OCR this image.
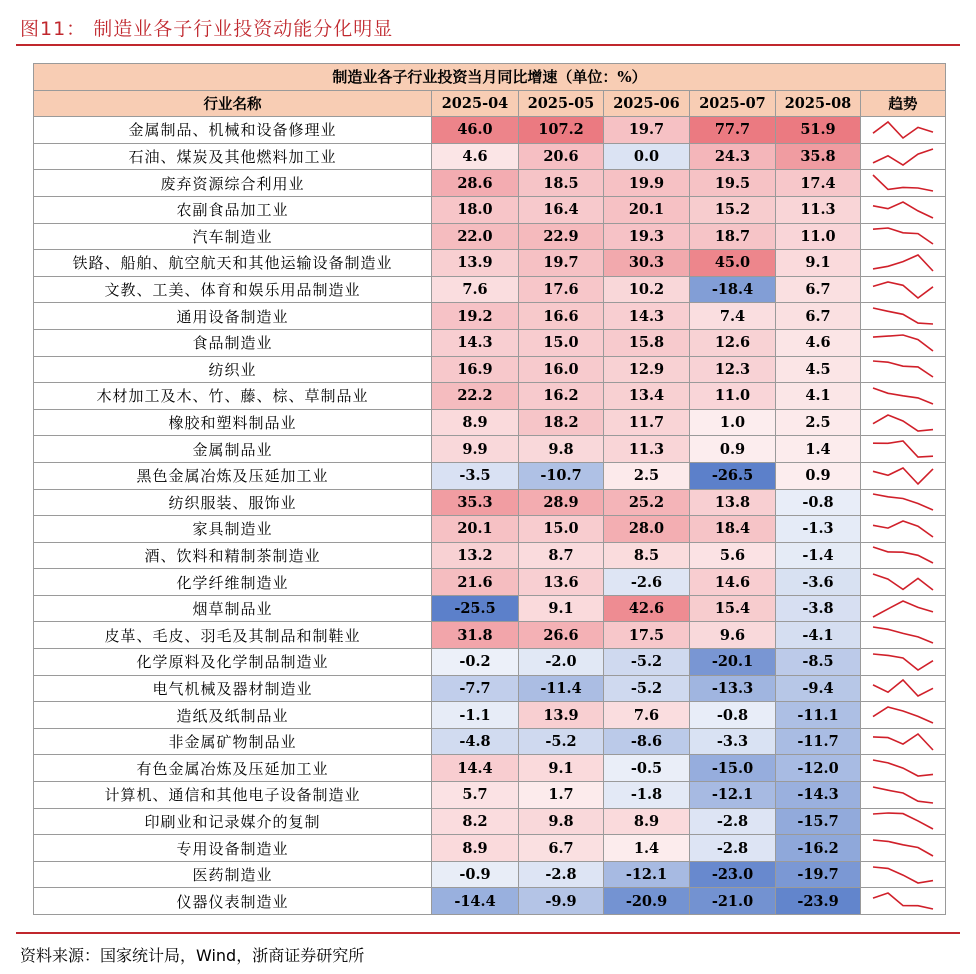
图11： 制造业各子行业投资动能分化明显
制造业各子行业投资当月同比增速（单位：%）						
行业名称	2025-04	2025-05	2025-06	2025-07	2025-08	趋势
金属制品、机械和设备修理业	46.0	107.2	19.7	77.7	51.9	

石油、煤炭及其他燃料加工业	4.6	20.6	0.0	24.3	35.8	

废弃资源综合利用业	28.6	18.5	19.9	19.5	17.4	

农副食品加工业	18.0	16.4	20.1	15.2	11.3	

汽车制造业	22.0	22.9	19.3	18.7	11.0	

铁路、船舶、航空航天和其他运输设备制造业	13.9	19.7	30.3	45.0	9.1	

文教、工美、体育和娱乐用品制造业	7.6	17.6	10.2	-18.4	6.7	

通用设备制造业	19.2	16.6	14.3	7.4	6.7	

食品制造业	14.3	15.0	15.8	12.6	4.6	

纺织业	16.9	16.0	12.9	12.3	4.5	

木材加工及木、竹、藤、棕、草制品业	22.2	16.2	13.4	11.0	4.1	

橡胶和塑料制品业	8.9	18.2	11.7	1.0	2.5	

金属制品业	9.9	9.8	11.3	0.9	1.4	

黑色金属冶炼及压延加工业	-3.5	-10.7	2.5	-26.5	0.9	

纺织服装、服饰业	35.3	28.9	25.2	13.8	-0.8	

家具制造业	20.1	15.0	28.0	18.4	-1.3	

酒、饮料和精制茶制造业	13.2	8.7	8.5	5.6	-1.4	

化学纤维制造业	21.6	13.6	-2.6	14.6	-3.6	

烟草制品业	-25.5	9.1	42.6	15.4	-3.8	

皮革、毛皮、羽毛及其制品和制鞋业	31.8	26.6	17.5	9.6	-4.1	

化学原料及化学制品制造业	-0.2	-2.0	-5.2	-20.1	-8.5	

电气机械及器材制造业	-7.7	-11.4	-5.2	-13.3	-9.4	

造纸及纸制品业	-1.1	13.9	7.6	-0.8	-11.1	

非金属矿物制品业	-4.8	-5.2	-8.6	-3.3	-11.7	

有色金属冶炼及压延加工业	14.4	9.1	-0.5	-15.0	-12.0	

计算机、通信和其他电子设备制造业	5.7	1.7	-1.8	-12.1	-14.3	

印刷业和记录媒介的复制	8.2	9.8	8.9	-2.8	-15.7	

专用设备制造业	8.9	6.7	1.4	-2.8	-16.2	

医药制造业	-0.9	-2.8	-12.1	-23.0	-19.7	

仪器仪表制造业	-14.4	-9.9	-20.9	-21.0	-23.9	
资料来源：国家统计局，Wind，浙商证券研究所
